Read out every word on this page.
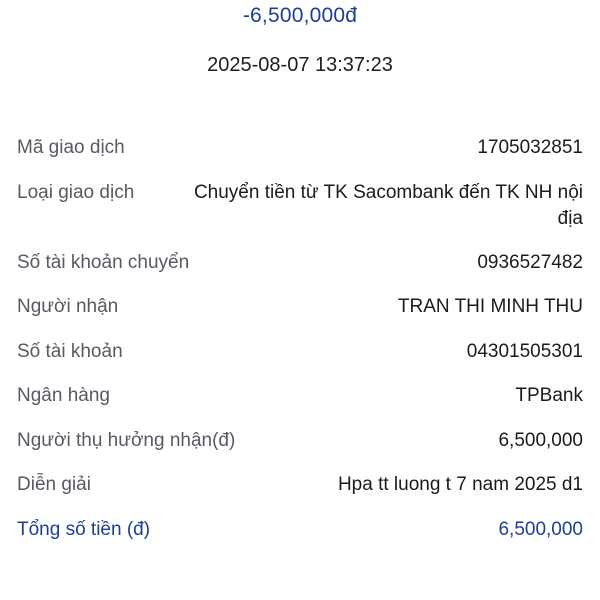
-6,500,000đ
2025-08-07 13:37:23
Mã giao dịch	1705032851
Loại giao dịch	Chuyển tiền từ TK Sacombank đến TK NH nội địa
Số tài khoản chuyển	0936527482
Người nhận	TRAN THI MINH THU
Số tài khoản	04301505301
Ngân hàng	TPBank
Người thụ hưởng nhận(đ)	6,500,000
Diễn giải	Hpa tt luong t 7 nam 2025 d1
Tổng số tiền (đ)	6,500,000
